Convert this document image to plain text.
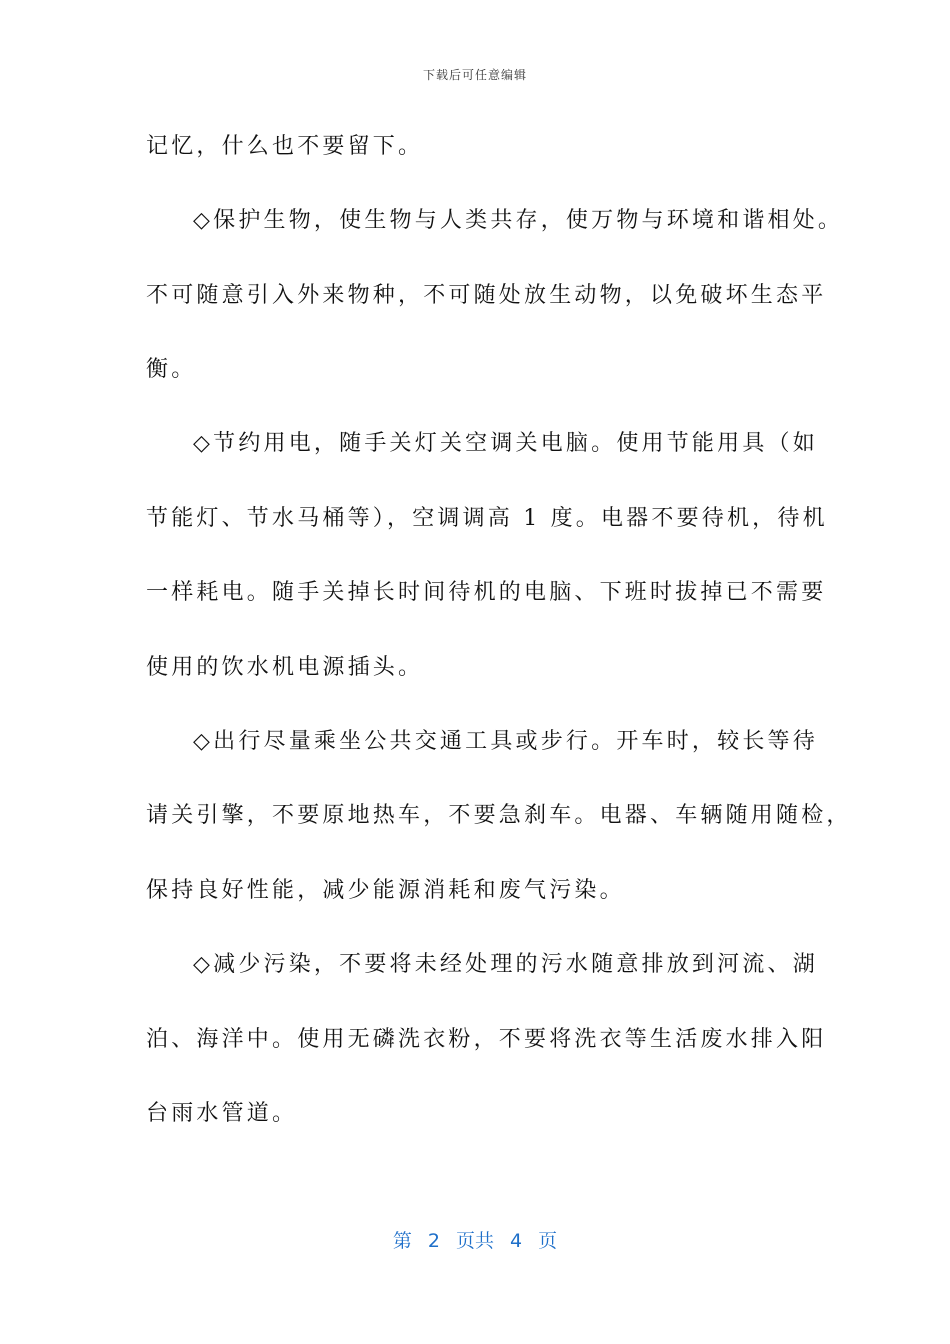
下载后可任意编辑
记忆，什么也不要留下。
◇保护生物，使生物与人类共存，使万物与环境和谐相处。
不可随意引入外来物种，不可随处放生动物，以免破坏生态平
衡。
◇节约用电，随手关灯关空调关电脑。使用节能用具（如
节能灯、节水马桶等），空调调高 1 度。电器不要待机，待机
一样耗电。随手关掉长时间待机的电脑、下班时拔掉已不需要
使用的饮水机电源插头。
◇出行尽量乘坐公共交通工具或步行。开车时，较长等待
请关引擎，不要原地热车，不要急刹车。电器、车辆随用随检，
保持良好性能，减少能源消耗和废气污染。
◇减少污染，不要将未经处理的污水随意排放到河流、湖
泊、海洋中。使用无磷洗衣粉，不要将洗衣等生活废水排入阳
台雨水管道。
第 2 页共 4 页
